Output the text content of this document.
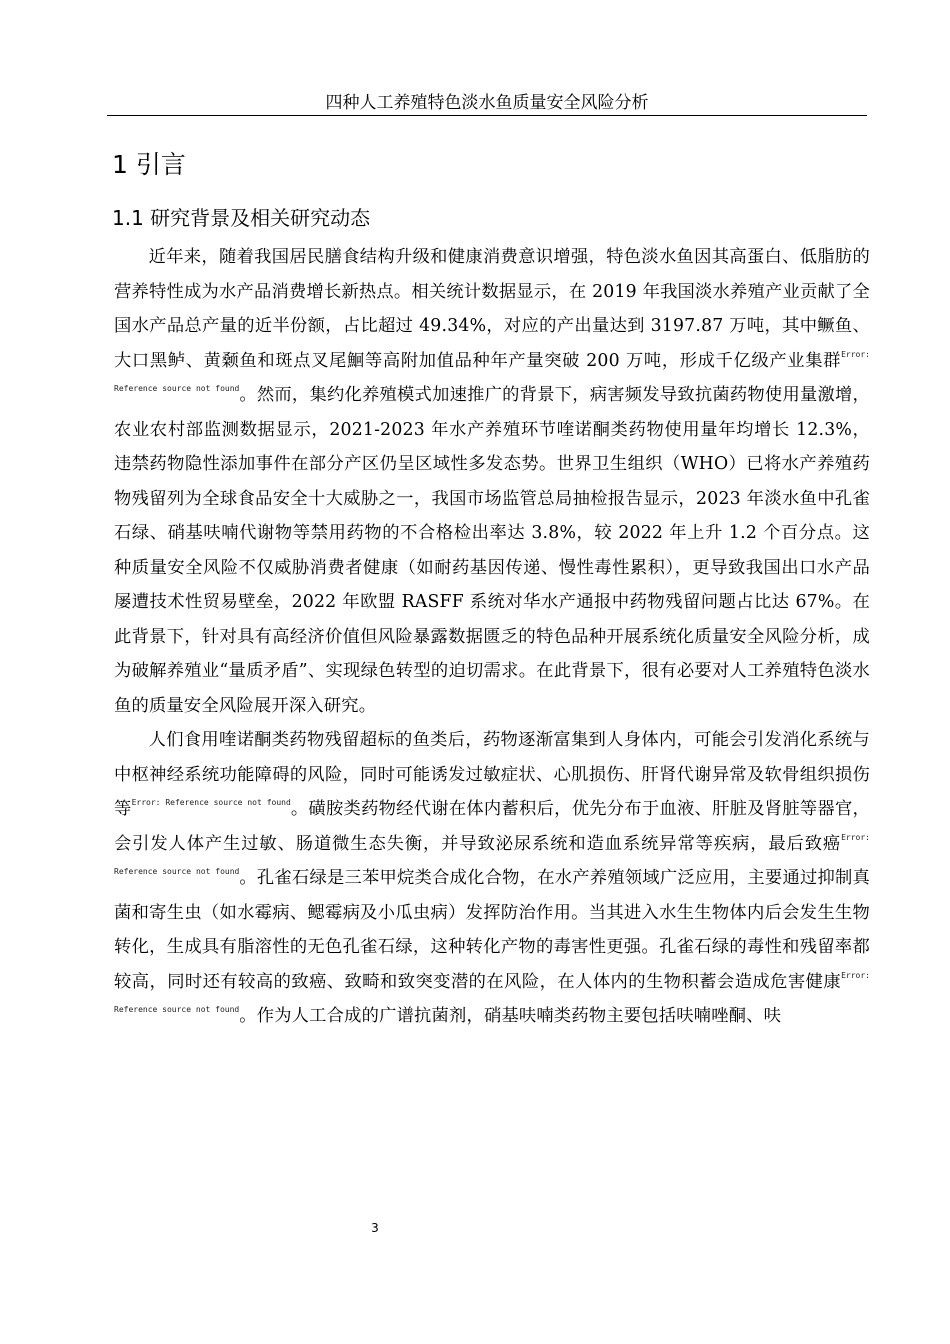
四种人工养殖特色淡水鱼质量安全风险分析
1 引言
1.1 研究背景及相关研究动态

近年来，随着我国居民膳食结构升级和健康消费意识增强，特色淡水鱼因其高蛋白、低脂肪的营养特性成为水产品消费增长新热点。相关统计数据显示，在 2019 年我国淡水养殖产业贡献了全国水产品总产量的近半份额，占比超过 49.34%，对应的产出量达到 3197.87 万吨，其中鳜鱼、大口黑鲈、黄颡鱼和斑点叉尾鮰等高附加值品种年产量突破 200 万吨，形成千亿级产业集群$^{Error: Reference source not found}$。然而，集约化养殖模式加速推广的背景下，病害频发导致抗菌药物使用量激增，农业农村部监测数据显示，2021-2023 年水产养殖环节喹诺酮类药物使用量年均增长 12.3%，违禁药物隐性添加事件在部分产区仍呈区域性多发态势。世界卫生组织（WHO）已将水产养殖药物残留列为全球食品安全十大威胁之一，我国市场监管总局抽检报告显示，2023 年淡水鱼中孔雀石绿、硝基呋喃代谢物等禁用药物的不合格检出率达 3.8%，较 2022 年上升 1.2 个百分点。这种质量安全风险不仅威胁消费者健康（如耐药基因传递、慢性毒性累积），更导致我国出口水产品屡遭技术性贸易壁垒，2022 年欧盟 RASFF 系统对华水产通报中药物残留问题占比达 67%。在此背景下，针对具有高经济价值但风险暴露数据匮乏的特色品种开展系统化质量安全风险分析，成为破解养殖业“量质矛盾”、实现绿色转型的迫切需求。在此背景下，很有必要对人工养殖特色淡水鱼的质量安全风险展开深入研究。

人们食用喹诺酮类药物残留超标的鱼类后，药物逐渐富集到人身体内，可能会引发消化系统与中枢神经系统功能障碍的风险，同时可能诱发过敏症状、心肌损伤、肝肾代谢异常及软骨组织损伤等$^{Error: Reference source not found}$。磺胺类药物经代谢在体内蓄积后，优先分布于血液、肝脏及肾脏等器官，会引发人体产生过敏、肠道微生态失衡，并导致泌尿系统和造血系统异常等疾病，最后致癌$^{Error: Reference source not found}$。孔雀石绿是三苯甲烷类合成化合物，在水产养殖领域广泛应用，主要通过抑制真菌和寄生虫（如水霉病、鳃霉病及小瓜虫病）发挥防治作用。当其进入水生生物体内后会发生生物转化，生成具有脂溶性的无色孔雀石绿，这种转化产物的毒害性更强。孔雀石绿的毒性和残留率都较高，同时还有较高的致癌、致畸和致突变潜的在风险，在人体内的生物积蓄会造成危害健康$^{Error: Reference source not found}$。作为人工合成的广谱抗菌剂，硝基呋喃类药物主要包括呋喃唑酮、呋

3
